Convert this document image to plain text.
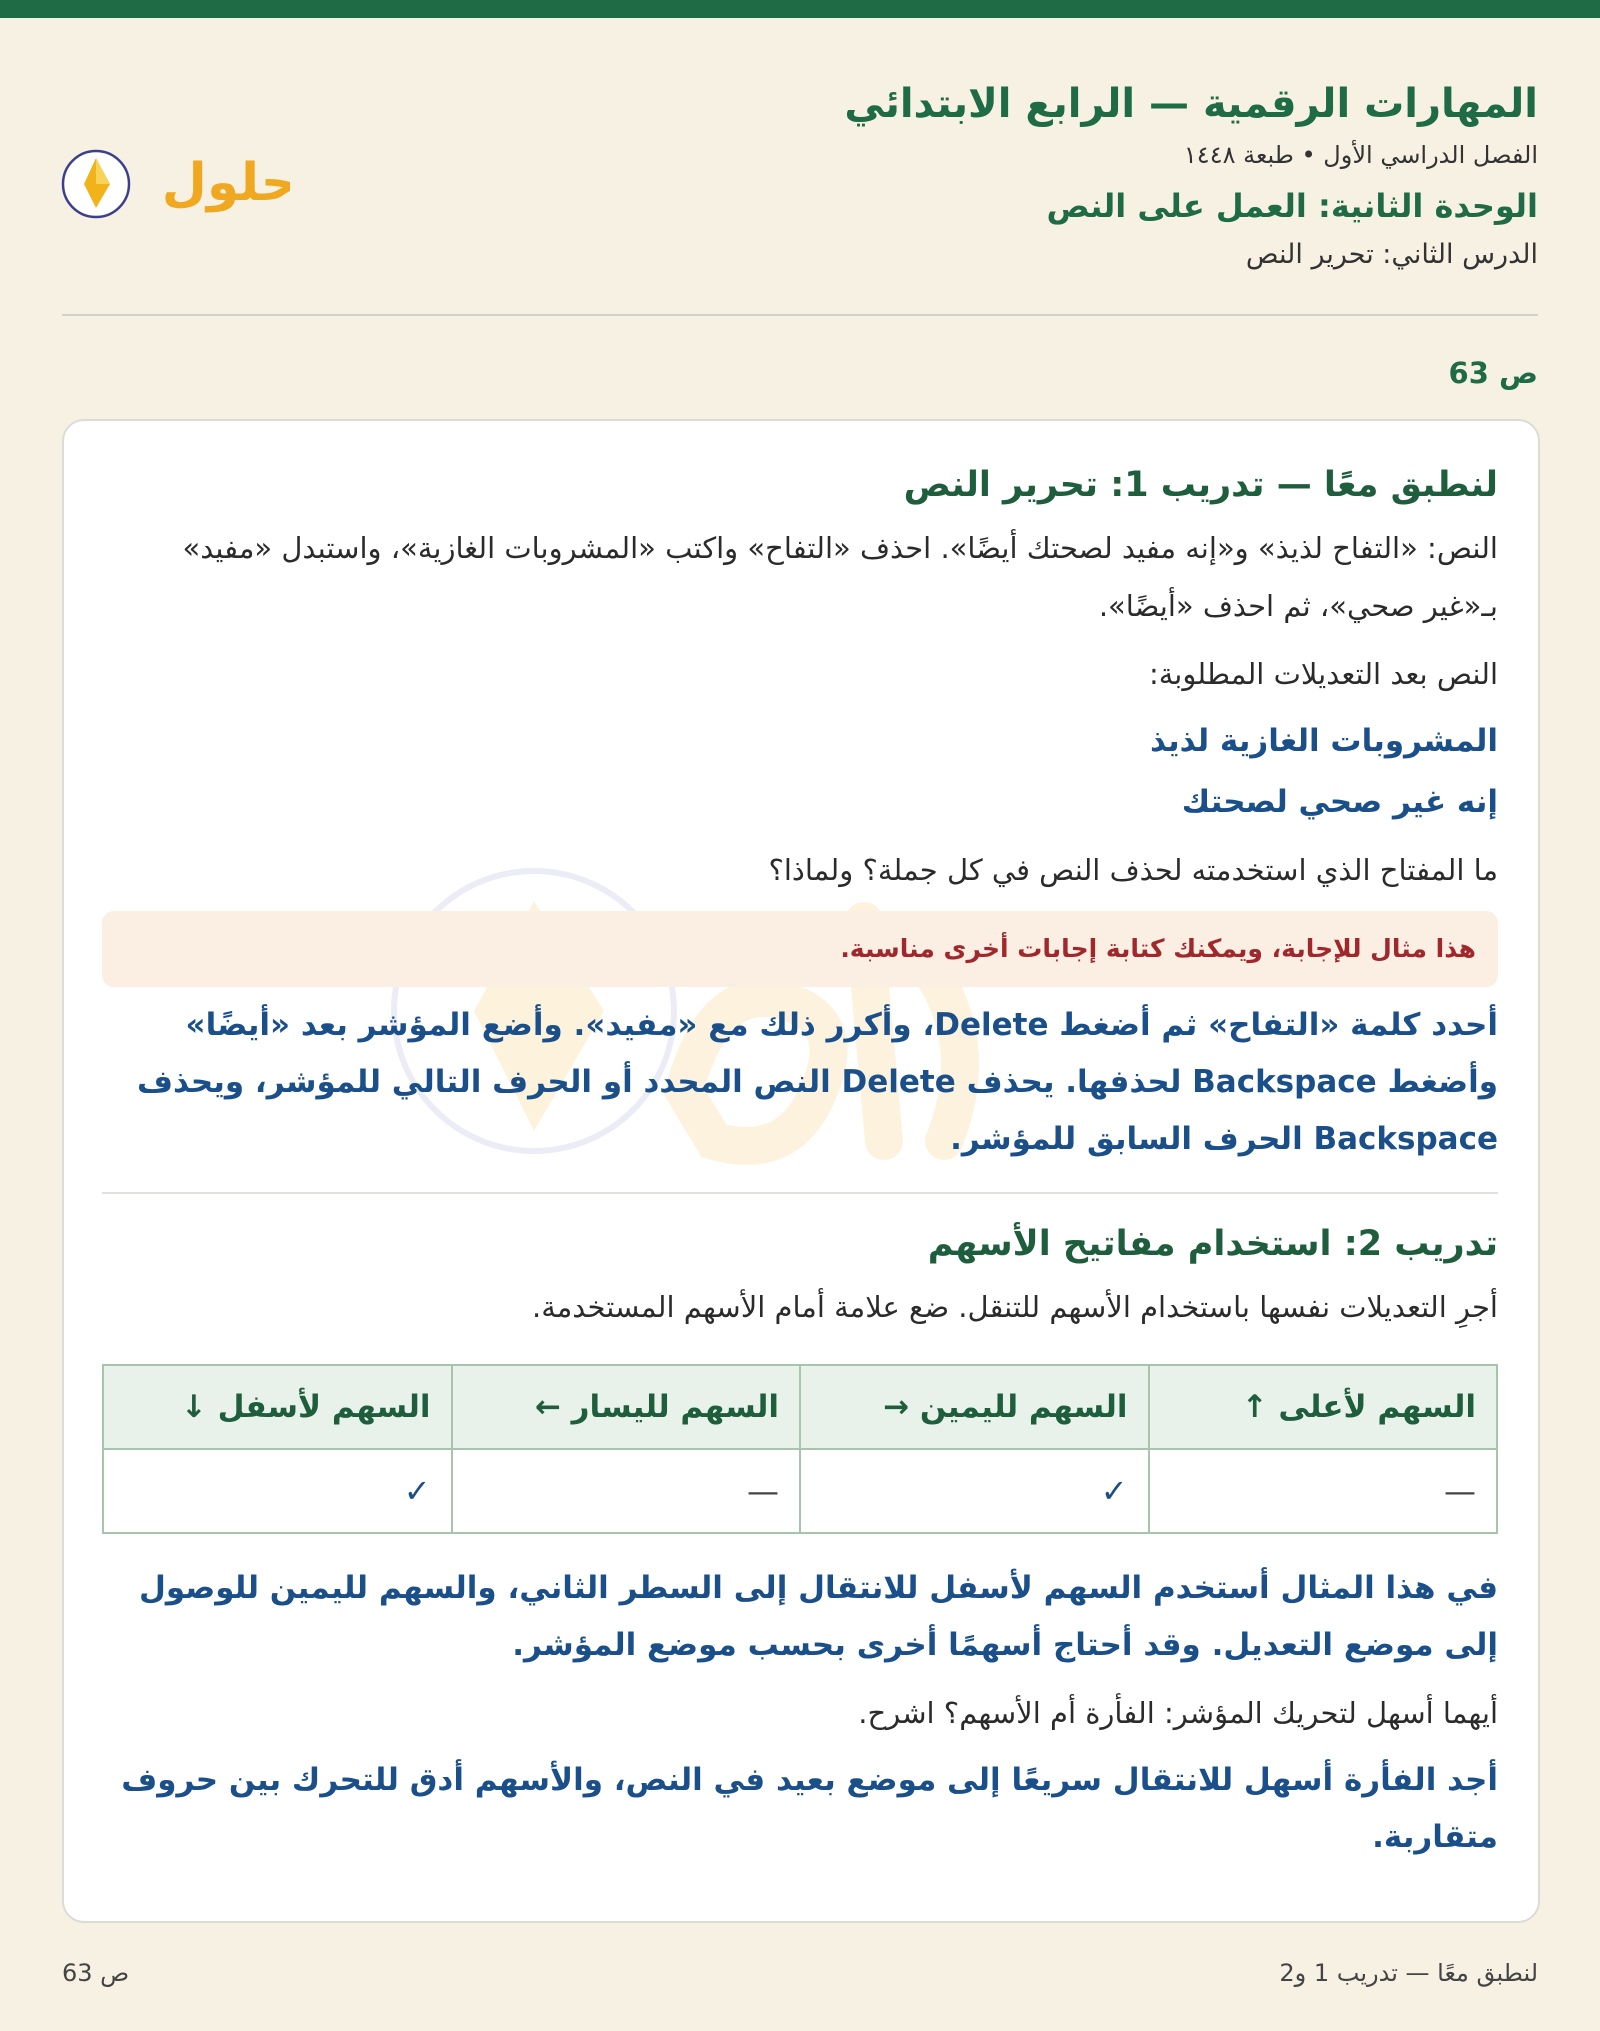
المهارات الرقمية — الرابع الابتدائي
الفصل الدراسي الأول • طبعة ١٤٤٨
الوحدة الثانية: العمل على النص
الدرس الثاني: تحرير النص
حلول
ص 63
لنطبق معًا — تدريب 1: تحرير النص

النص: «التفاح لذيذ» و«إنه مفيد لصحتك أيضًا». احذف «التفاح» واكتب «المشروبات الغازية»، واستبدل «مفيد» بـ«غير صحي»، ثم احذف «أيضًا».

النص بعد التعديلات المطلوبة:

المشروبات الغازية لذيذ

إنه غير صحي لصحتك

ما المفتاح الذي استخدمته لحذف النص في كل جملة؟ ولماذا؟

هذا مثال للإجابة، ويمكنك كتابة إجابات أخرى مناسبة.

أحدد كلمة «التفاح» ثم أضغط Delete، وأكرر ذلك مع «مفيد». وأضع المؤشر بعد «أيضًا» وأضغط Backspace لحذفها. يحذف Delete النص المحدد أو الحرف التالي للمؤشر، ويحذف Backspace الحرف السابق للمؤشر.

تدريب 2: استخدام مفاتيح الأسهم

أجرِ التعديلات نفسها باستخدام الأسهم للتنقل. ضع علامة أمام الأسهم المستخدمة.

السهم لأعلى ↑	السهم لليمين →	السهم لليسار ←	السهم لأسفل ↓
—	✓	—	✓

في هذا المثال أستخدم السهم لأسفل للانتقال إلى السطر الثاني، والسهم لليمين للوصول إلى موضع التعديل. وقد أحتاج أسهمًا أخرى بحسب موضع المؤشر.

أيهما أسهل لتحريك المؤشر: الفأرة أم الأسهم؟ اشرح.

أجد الفأرة أسهل للانتقال سريعًا إلى موضع بعيد في النص، والأسهم أدق للتحرك بين حروف متقاربة.

لنطبق معًا — تدريب 1 و2
ص 63
